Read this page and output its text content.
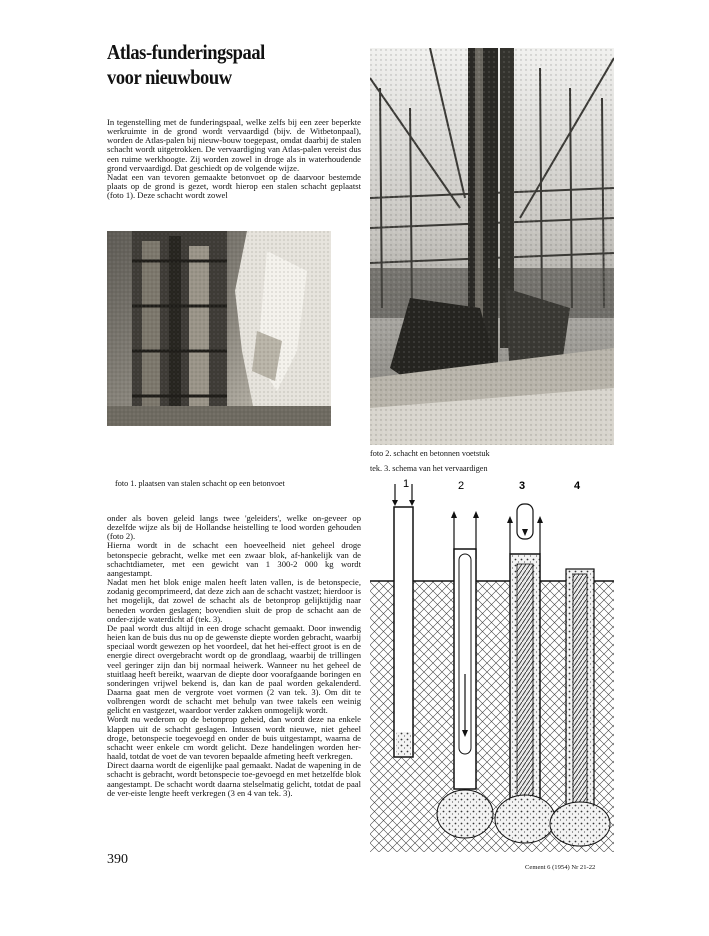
Atlas-funderingspaal
voor nieuwbouw

In tegenstelling met de funderingspaal, welke zelfs bij een zeer beperkte werkruimte in de grond wordt vervaardigd (bijv. de Witbetonpaal), worden de Atlas-palen bij nieuw-bouw toegepast, omdat daarbij de stalen schacht wordt uitgetrokken. De vervaardiging van Atlas-palen vereist dus een ruime werkhoogte. Zij worden zowel in droge als in waterhoudende grond vervaardigd. Dat geschiedt op de volgende wijze.

Nadat een van tevoren gemaakte betonvoet op de daarvoor bestemde plaats op de grond is gezet, wordt hierop een stalen schacht geplaatst (foto 1). Deze schacht wordt zowel

foto 1. plaatsen van stalen schacht op een betonvoet

onder als boven geleid langs twee 'geleiders', welke on-geveer op dezelfde wijze als bij de Hollandse heistelling te lood worden gehouden (foto 2).

Hierna wordt in de schacht een hoeveelheid niet geheel droge betonspecie gebracht, welke met een zwaar blok, af-hankelijk van de schachtdiameter, met een gewicht van 1 300-2 000 kg wordt aangestampt.

Nadat men het blok enige malen heeft laten vallen, is de betonspecie, zodanig gecomprimeerd, dat deze zich aan de schacht vastzet; hierdoor is het mogelijk, dat zowel de schacht als de betonprop gelijktijdig naar beneden worden geslagen; bovendien sluit de prop de schacht aan de onder-zijde waterdicht af (tek. 3).

De paal wordt dus altijd in een droge schacht gemaakt. Door inwendig heien kan de buis dus nu op de gewenste diepte worden gebracht, waarbij speciaal wordt gewezen op het voordeel, dat het hei-effect groot is en de energie direct overgebracht wordt op de grondlaag, waarbij de trillingen veel geringer zijn dan bij normaal heiwerk. Wanneer nu het geheel de stuitlaag heeft bereikt, waarvan de diepte door voorafgaande boringen en sonderingen vrijwel bekend is, dan kan de paal worden gekalenderd. Daarna gaat men de vergrote voet vormen (2 van tek. 3). Om dit te volbrengen wordt de schacht met behulp van twee takels een weinig gelicht en vastgezet, waardoor verder zakken onmogelijk wordt.

Wordt nu wederom op de betonprop geheid, dan wordt deze na enkele klappen uit de schacht geslagen. Intussen wordt nieuwe, niet geheel droge, betonspecie toegevoegd en onder de buis uitgestampt, waarna de schacht weer enkele cm wordt gelicht. Deze handelingen worden her-haald, totdat de voet de van tevoren bepaalde afmeting heeft verkregen.

Direct daarna wordt de eigenlijke paal gemaakt. Nadat de wapening in de schacht is gebracht, wordt betonspecie toe-gevoegd en met hetzelfde blok aangestampt. De schacht wordt daarna stelselmatig gelicht, totdat de paal de ver-eiste lengte heeft verkregen (3 en 4 van tek. 3).

foto 2. schacht en betonnen voetstuk
tek. 3. schema van het vervaardigen
1	2	3	4
390
Cement 6 (1954) Nr 21-22
